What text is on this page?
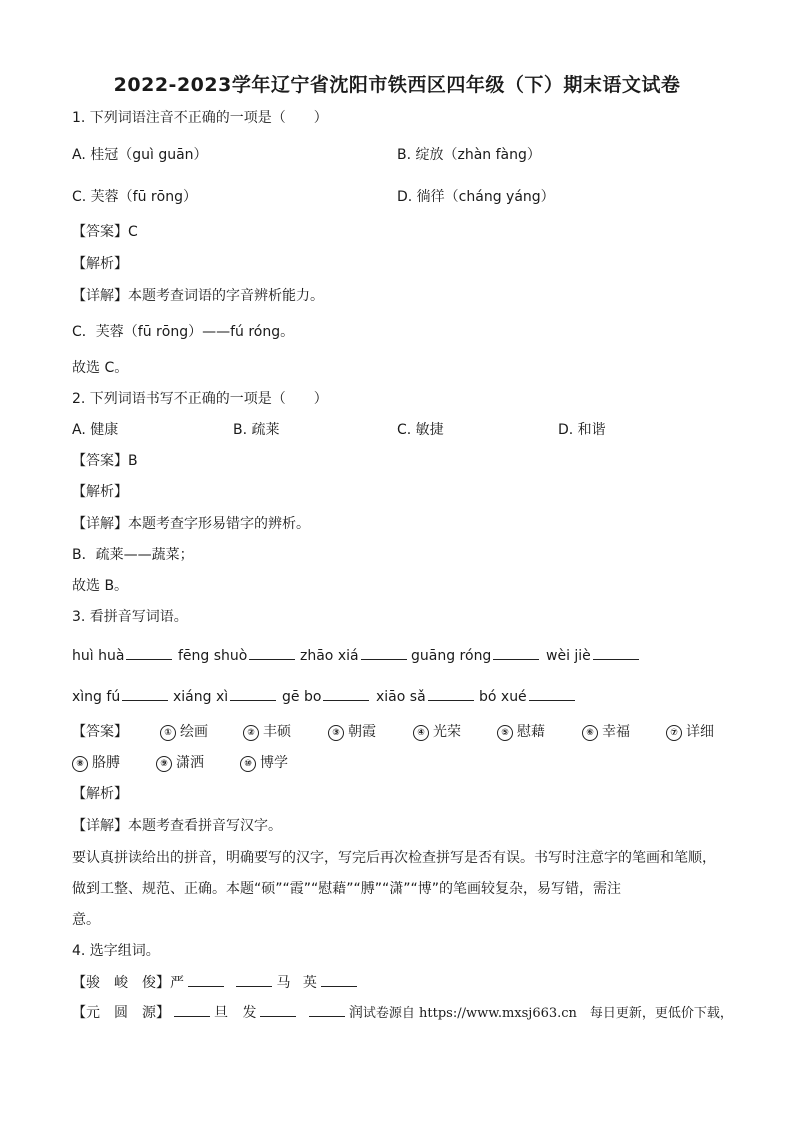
2022-2023学年辽宁省沈阳市铁西区四年级（下）期末语文试卷
1. 下列词语注音不正确的一项是（　　）
A. 桂冠（guì guān）	B. 绽放（zhàn fàng）
C. 芙蓉（fū rōng）	D. 徜徉（cháng yáng）
【答案】C
【解析】
【详解】本题考查词语的字音辨析能力。
C．芙蓉（fū rōng）——fú róng。
故选 C。
2. 下列词语书写不正确的一项是（　　）
A. 健康	B. 疏莱	C. 敏捷	D. 和谐
【答案】B
【解析】
【详解】本题考查字形易错字的辨析。
B．疏莱——蔬菜；
故选 B。
3. 看拼音写词语。
huì huà	fēng shuò	zhāo xiá	guāng róng	wèi jiè
xìng fú	xiáng xì	gē bo	xiāo sǎ	bó xué
【答案】	① 绘画	② 丰硕	③ 朝霞	④ 光荣	⑤ 慰藉	⑥ 幸福	⑦ 详细
⑧ 胳膊	⑨ 潇洒	⑩ 博学
【解析】
【详解】本题考查看拼音写汉字。
要认真拼读给出的拼音，明确要写的汉字，写完后再次检查拼写是否有误。书写时注意字的笔画和笔顺，
做到工整、规范、正确。本题“硕”“霞”“慰藉”“膊”“潇”“博”的笔画较复杂，易写错，需注
意。
4. 选字组词。
【骏　峻　俊】严	马 英
【元　圆　源】	旦 发	润试卷源自 https://www.mxsj663.cn　每日更新，更低价下载，
